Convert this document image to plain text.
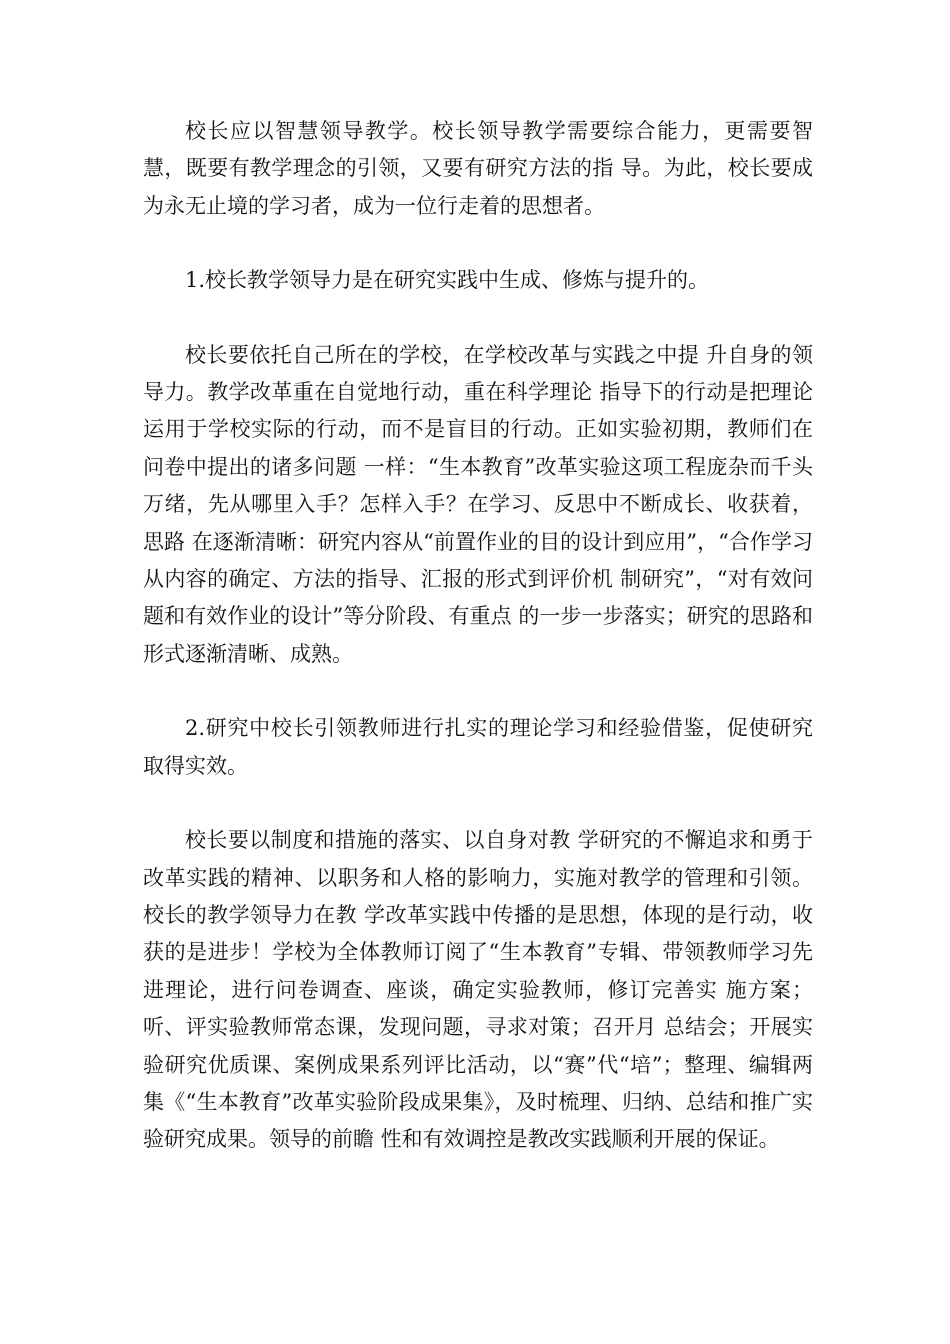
校长应以智慧领导教学。校长领导教学需要综合能力，更需要智慧，既要有教学理念的引领，又要有研究方法的指 导。为此，校长要成为永无止境的学习者，成为一位行走着的思想者。

1.校长教学领导力是在研究实践中生成、修炼与提升的。

校长要依托自己所在的学校，在学校改革与实践之中提 升自身的领导力。教学改革重在自觉地行动，重在科学理论 指导下的行动是把理论运用于学校实际的行动，而不是盲目的行动。正如实验初期，教师们在问卷中提出的诸多问题 一样：“生本教育”改革实验这项工程庞杂而千头万绪，先从哪里入手？怎样入手？在学习、反思中不断成长、收获着，思路 在逐渐清晰：研究内容从“前置作业的目的设计到应用”，“合作学习从内容的确定、方法的指导、汇报的形式到评价机 制研究”，“对有效问题和有效作业的设计”等分阶段、有重点 的一步一步落实；研究的思路和形式逐渐清晰、成熟。

2.研究中校长引领教师进行扎实的理论学习和经验借鉴，促使研究取得实效。

校长要以制度和措施的落实、以自身对教 学研究的不懈追求和勇于改革实践的精神、以职务和人格的影响力，实施对教学的管理和引领。校长的教学领导力在教 学改革实践中传播的是思想，体现的是行动，收获的是进步！学校为全体教师订阅了“生本教育”专辑、带领教师学习先进理论，进行问卷调查、座谈，确定实验教师，修订完善实 施方案；听、评实验教师常态课，发现问题，寻求对策；召开月 总结会；开展实验研究优质课、案例成果系列评比活动，以“赛”代“培”；整理、编辑两集《“生本教育”改革实验阶段成果集》，及时梳理、归纳、总结和推广实验研究成果。领导的前瞻 性和有效调控是教改实践顺利开展的保证。
